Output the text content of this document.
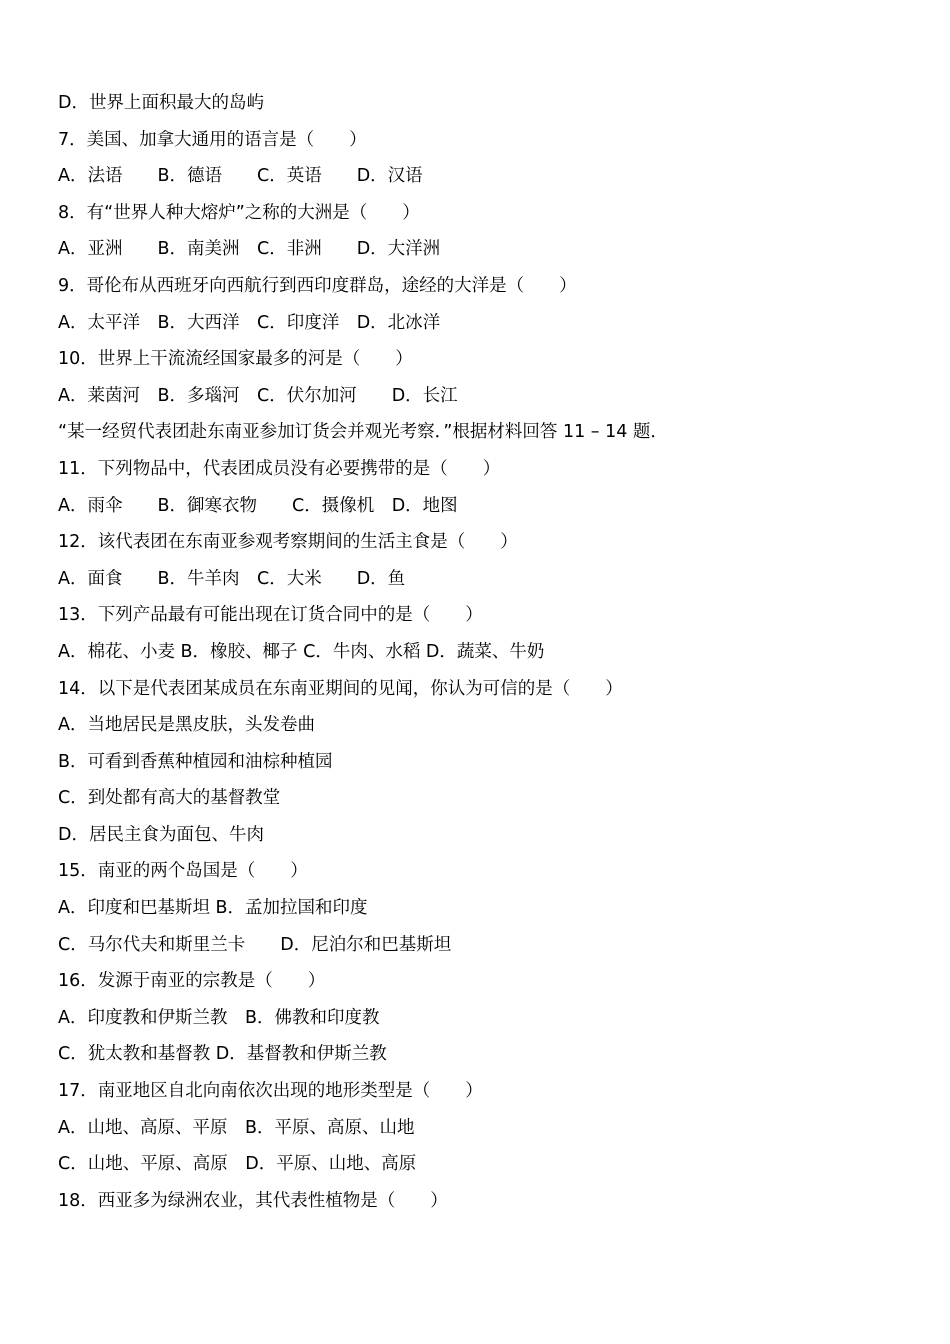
D．世界上面积最大的岛屿
7．美国、加拿大通用的语言是（　　）
A．法语　　B．德语　　C．英语　　D．汉语
8．有“世界人种大熔炉”之称的大洲是（　　）
A．亚洲　　B．南美洲　C．非洲　　D．大洋洲
9．哥伦布从西班牙向西航行到西印度群岛，途经的大洋是（　　）
A．太平洋　B．大西洋　C．印度洋　D．北冰洋
10．世界上干流流经国家最多的河是（　　）
A．莱茵河　B．多瑙河　C．伏尔加河　　D．长江
“某一经贸代表团赴东南亚参加订货会并观光考察．”根据材料回答 11 – 14 题．
11．下列物品中，代表团成员没有必要携带的是（　　）
A．雨伞　　B．御寒衣物　　C．摄像机　D．地图
12．该代表团在东南亚参观考察期间的生活主食是（　　）
A．面食　　B．牛羊肉　C．大米　　D．鱼
13．下列产品最有可能出现在订货合同中的是（　　）
A．棉花、小麦 B．橡胶、椰子 C．牛肉、水稻 D．蔬菜、牛奶
14．以下是代表团某成员在东南亚期间的见闻，你认为可信的是（　　）
A．当地居民是黑皮肤，头发卷曲
B．可看到香蕉种植园和油棕种植园
C．到处都有高大的基督教堂
D．居民主食为面包、牛肉
15．南亚的两个岛国是（　　）
A．印度和巴基斯坦 B．孟加拉国和印度
C．马尔代夫和斯里兰卡　　D．尼泊尔和巴基斯坦
16．发源于南亚的宗教是（　　）
A．印度教和伊斯兰教　B．佛教和印度教
C．犹太教和基督教 D．基督教和伊斯兰教
17．南亚地区自北向南依次出现的地形类型是（　　）
A．山地、高原、平原　B．平原、高原、山地
C．山地、平原、高原　D．平原、山地、高原
18．西亚多为绿洲农业，其代表性植物是（　　）
